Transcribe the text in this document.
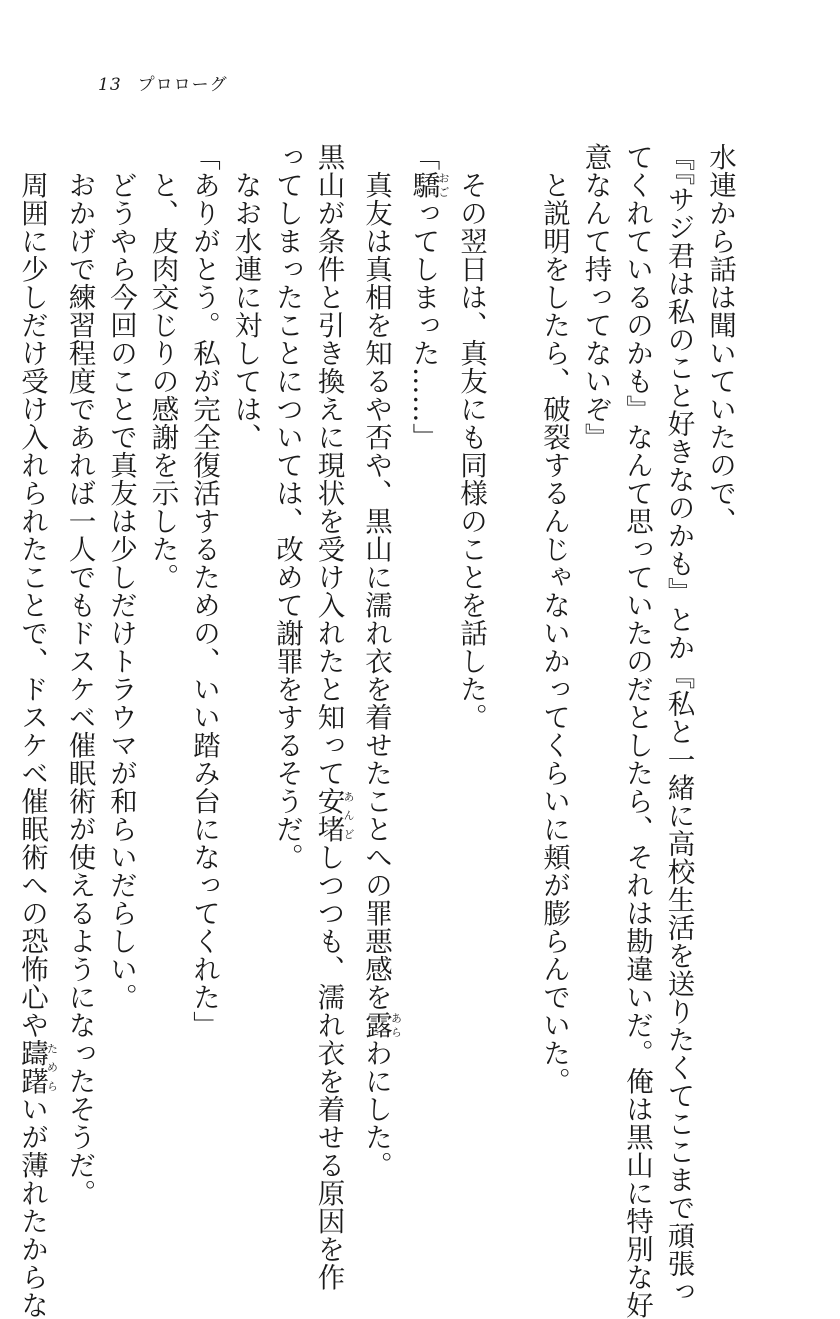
13 プロローグ
水連から話は聞いていたので、
『『サジ君は私のこと好きなのかも』とか『私と一緒に高校生活を送りたくてここまで頑張っ
てくれているのかも』なんて思っていたのだとしたら、それは勘違いだ。俺は黒山に特別な好
意なんて持ってないぞ』
　と説明をしたら、破裂するんじゃないかってくらいに頬が膨らんでいた。

　その翌日は、真友にも同様のことを話した。
「驕おごってしまった……」
　真友は真相を知るや否や、黒山に濡れ衣を着せたことへの罪悪感を露あらわにした。
黒山が条件と引き換えに現状を受け入れたと知って安堵あんどしつつも、濡れ衣を着せる原因を作
ってしまったことについては、改めて謝罪をするそうだ。
　なお水連に対しては、
「ありがとう。私が完全復活するための、いい踏み台になってくれた」
　と、皮肉交じりの感謝を示した。
　どうやら今回のことで真友は少しだけトラウマが和らいだらしい。
　おかげで練習程度であれば一人でもドスケベ催眠術が使えるようになったそうだ。
　周囲に少しだけ受け入れられたことで、ドスケベ催眠術への恐怖心や躊躇ためらいが薄れたからな
